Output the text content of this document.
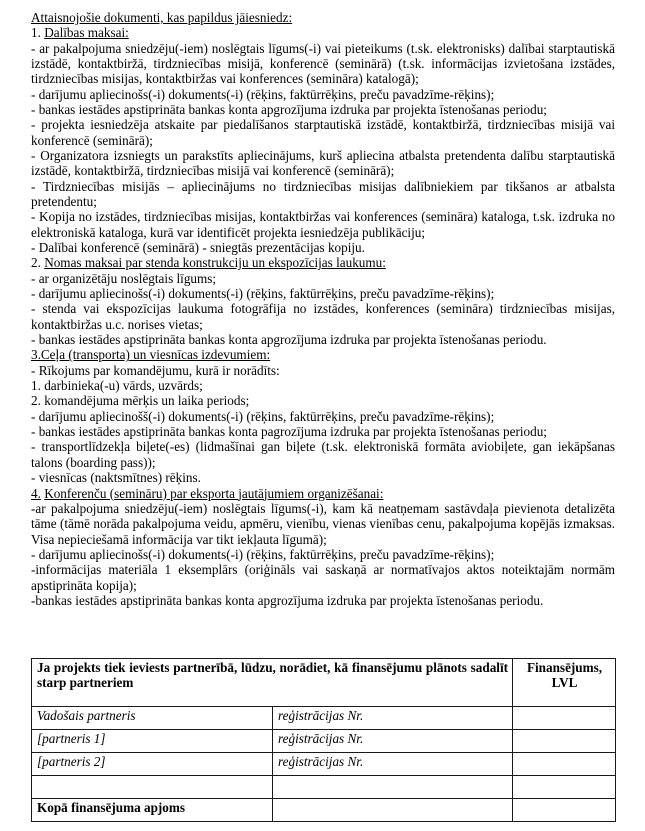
Attaisnojošie dokumenti, kas papildus jāiesniedz:
1. Dalības maksai:

- ar pakalpojuma sniedzēju(-iem) noslēgtais līgums(-i) vai pieteikums (t.sk. elektronisks) dalībai starptautiskā izstādē, kontaktbiržā, tirdzniecības misijā, konferencē (seminārā) (t.sk. informācijas izvietošana izstādes, tirdzniecības misijas, kontaktbiržas vai konferences (semināra) katalogā);

- darījumu apliecinošs(-i) dokuments(-i) (rēķins, faktūrrēķins, preču pavadzīme-rēķins);

- bankas iestādes apstiprināta bankas konta apgrozījuma izdruka par projekta īstenošanas periodu;

- projekta iesniedzēja atskaite par piedalīšanos starptautiskā izstādē, kontaktbiržā, tirdzniecības misijā vai konferencē (seminārā);

- Organizatora izsniegts un parakstīts apliecinājums, kurš apliecina atbalsta pretendenta dalību starptautiskā izstādē, kontaktbiržā, tirdzniecības misijā vai konferencē (seminārā);

- Tirdzniecības misijās – apliecinājums no tirdzniecības misijas dalībniekiem par tikšanos ar atbalsta pretendentu;

- Kopija no izstādes, tirdzniecības misijas, kontaktbiržas vai konferences (semināra) kataloga, t.sk. izdruka no elektroniskā kataloga, kurā var identificēt projekta iesniedzēja publikāciju;

- Dalībai konferencē (seminārā) - sniegtās prezentācijas kopiju.

2. Nomas maksai par stenda konstrukciju un ekspozīcijas laukumu:

- ar organizētāju noslēgtais līgums;

- darījumu apliecinošs(-i) dokuments(-i) (rēķins, faktūrrēķins, preču pavadzīme-rēķins);

- stenda vai ekspozīcijas laukuma fotogrāfija no izstādes, konferences (semināra) tirdzniecības misijas, kontaktbiržas u.c. norises vietas;

- bankas iestādes apstiprināta bankas konta apgrozījuma izdruka par projekta īstenošanas periodu.

3.Ceļa (transporta) un viesnīcas izdevumiem:

- Rīkojums par komandējumu, kurā ir norādīts:

1. darbinieka(-u) vārds, uzvārds;

2. komandējuma mērķis un laika periods;

- darījumu apliecinošš(-i) dokuments(-i) (rēķins, faktūrrēķins, preču pavadzīme-rēķins);

- bankas iestādes apstiprināta bankas konta pagrozījuma izdruka par projekta īstenošanas periodu;

- transportlīdzekļa biļete(-es) (lidmašīnai gan biļete (t.sk. elektroniskā formāta aviobiļete, gan iekāpšanas talons (boarding pass));

- viesnīcas (naktsmītnes) rēķins.

4. Konferenču (semināru) par eksporta jautājumiem organizēšanai:

-ar pakalpojuma sniedzēju(-iem) noslēgtais līgums(-i), kam kā neatņemam sastāvdaļa pievienota detalizēta tāme (tāmē norāda pakalpojuma veidu, apmēru, vienību, vienas vienības cenu, pakalpojuma kopējās izmaksas. Visa nepieciešamā informācija var tikt iekļauta līgumā);

- darījumu apliecinošs(-i) dokuments(-i) (rēķins, faktūrrēķins, preču pavadzīme-rēķins);

-informācijas materiāla 1 eksemplārs (oriģināls vai saskaņā ar normatīvajos aktos noteiktajām normām apstiprināta kopija);

-bankas iestādes apstiprināta bankas konta apgrozījuma izdruka par projekta īstenošanas periodu.

Ja projekts tiek ieviests partnerībā, lūdzu, norādiet, kā finansējumu plānots sadalīt starp partneriem		Finansējums,
LVL

Vadošais partneris	reģistrācijas Nr.	
[partneris 1]	reģistrācijas Nr.	
[partneris 2]	reģistrācijas Nr.	

Kopā finansējuma apjoms		
